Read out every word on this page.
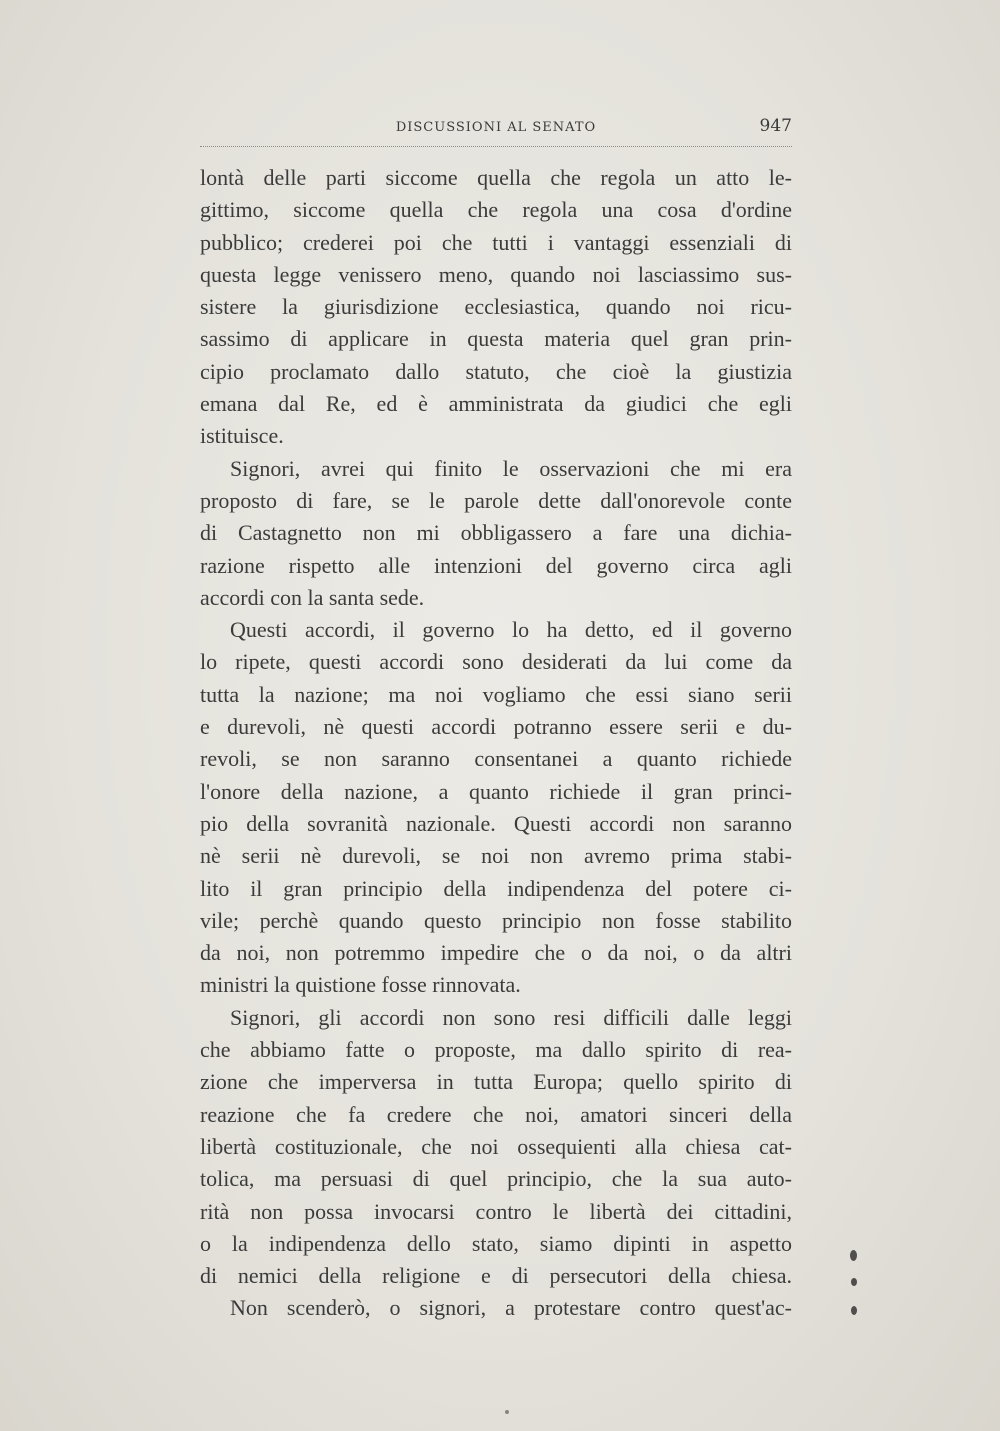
DISCUSSIONI AL SENATO	947
lontà delle parti siccome quella che regola un atto le-
gittimo, siccome quella che regola una cosa d'ordine
pubblico; crederei poi che tutti i vantaggi essenziali di
questa legge venissero meno, quando noi lasciassimo sus-
sistere la giurisdizione ecclesiastica, quando noi ricu-
sassimo di applicare in questa materia quel gran prin-
cipio proclamato dallo statuto, che cioè la giustizia
emana dal Re, ed è amministrata da giudici che egli
istituisce.
Signori, avrei qui finito le osservazioni che mi era
proposto di fare, se le parole dette dall'onorevole conte
di Castagnetto non mi obbligassero a fare una dichia-
razione rispetto alle intenzioni del governo circa agli
accordi con la santa sede.
Questi accordi, il governo lo ha detto, ed il governo
lo ripete, questi accordi sono desiderati da lui come da
tutta la nazione; ma noi vogliamo che essi siano serii
e durevoli, nè questi accordi potranno essere serii e du-
revoli, se non saranno consentanei a quanto richiede
l'onore della nazione, a quanto richiede il gran princi-
pio della sovranità nazionale. Questi accordi non saranno
nè serii nè durevoli, se noi non avremo prima stabi-
lito il gran principio della indipendenza del potere ci-
vile; perchè quando questo principio non fosse stabilito
da noi, non potremmo impedire che o da noi, o da altri
ministri la quistione fosse rinnovata.
Signori, gli accordi non sono resi difficili dalle leggi
che abbiamo fatte o proposte, ma dallo spirito di rea-
zione che imperversa in tutta Europa; quello spirito di
reazione che fa credere che noi, amatori sinceri della
libertà costituzionale, che noi ossequienti alla chiesa cat-
tolica, ma persuasi di quel principio, che la sua auto-
rità non possa invocarsi contro le libertà dei cittadini,
o la indipendenza dello stato, siamo dipinti in aspetto
di nemici della religione e di persecutori della chiesa.
Non scenderò, o signori, a protestare contro quest'ac-
